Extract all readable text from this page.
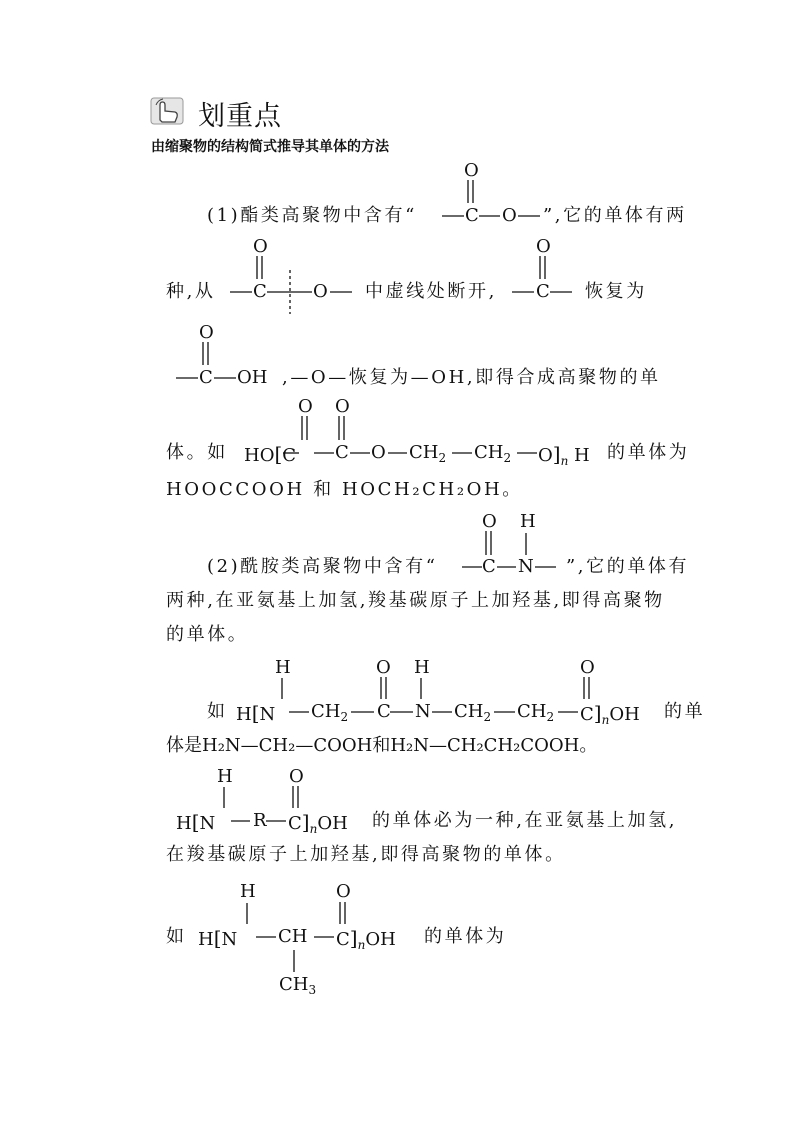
划重点
由缩聚物的结构简式推导其单体的方法
(1)酯类高聚物中含有“
O
C O ”,它的单体有两
种,从
O
C	O 中虚线处断开,
O
C 恢复为
O
C OH ,—O—恢复为—OH,即得合成高聚物的单
体。如
O O
HO[C C O $CH_2$ $CH_2$ $O]_n$ H 的单体为
HOOCCOOH 和 HOCH₂CH₂OH。
(2)酰胺类高聚物中含有“
O H
C N ”,它的单体有
两种,在亚氨基上加氢,羧基碳原子上加羟基,即得高聚物
的单体。
如
H	O H	O
H[N $CH_2$ C N $CH_2$ $CH_2$ $C]_nOH$ 的单
体是H₂N—CH₂—COOH和H₂N—CH₂CH₂COOH。
H	O
H[N R $C]_nOH$ 的单体必为一种,在亚氨基上加氢,
在羧基碳原子上加羟基,即得高聚物的单体。
如
H	O
H[N CH $C]_nOH$
$CH_3$
的单体为
